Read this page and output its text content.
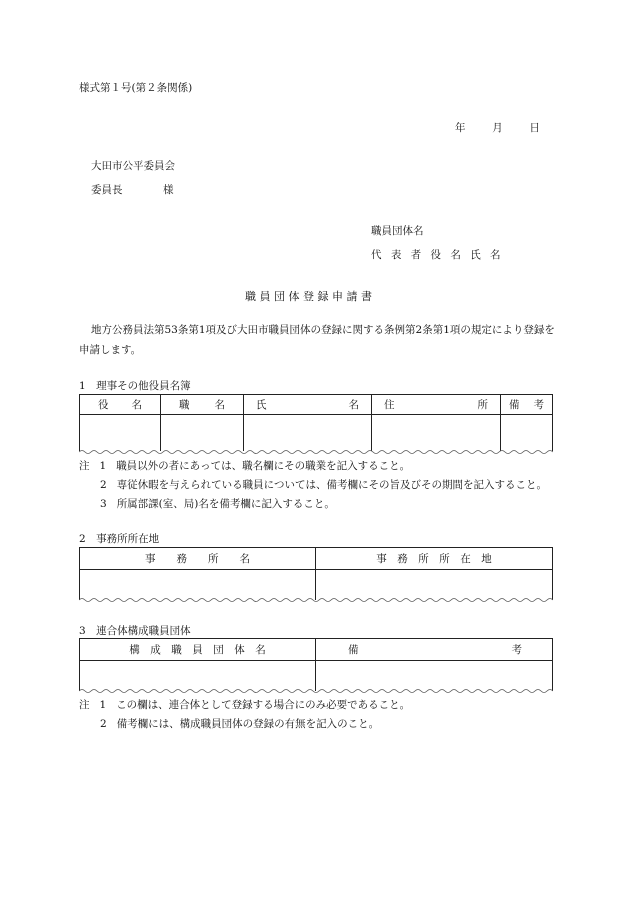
様式第１号(第２条関係)
年	月	日
大田市公平委員会
委員長	様
職員団体名
代 表 者 役 名 氏 名
職 員 団 体 登 録 申 請 書
地方公務員法第53条第1項及び大田市職員団体の登録に関する条例第2条第1項の規定により登録を
申請します。
1　理事その他役員名簿
役 名	職 名	氏 名	住 所	備 考

注 1 職員以外の者にあっては、職名欄にその職業を記入すること。
2 専従休暇を与えられている職員については、備考欄にその旨及びその期間を記入すること。
3 所属部課(室、局)名を備考欄に記入すること。
2　事務所所在地
事　　務　　所　　名	事　務　所　所　在　地

3　連合体構成職員団体
構　成　職　員　団　体　名	備 考

注 1 この欄は、連合体として登録する場合にのみ必要であること。
2 備考欄には、構成職員団体の登録の有無を記入のこと。
